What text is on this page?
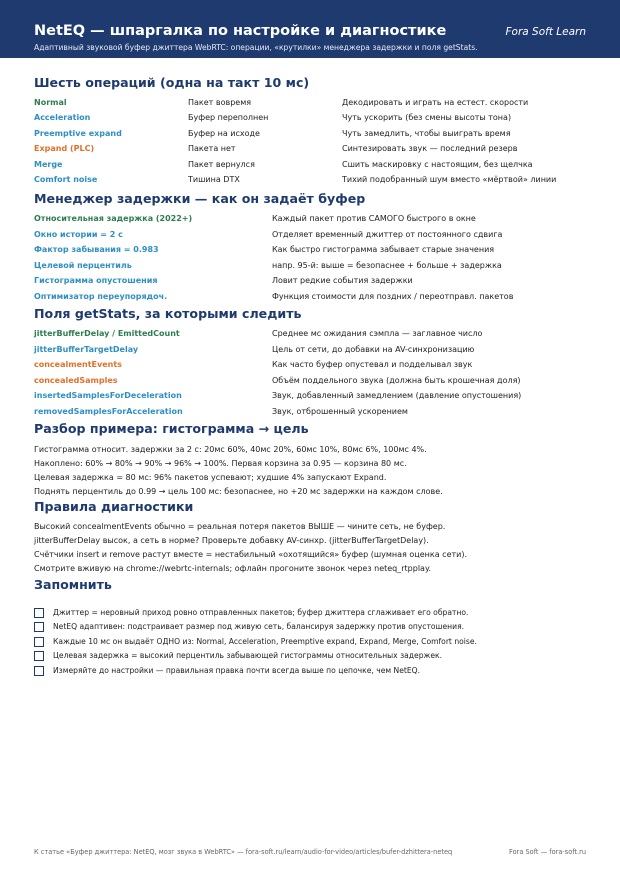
NetEQ — шпаргалка по настройке и диагностике	Fora Soft Learn
Адаптивный звуковой буфер джиттера WebRTC: операции, «крутилки» менеджера задержки и поля getStats.
Шесть операций (одна на такт 10 мс)
Normal	Пакет вовремя	Декодировать и играть на естест. скорости
Acceleration	Буфер переполнен	Чуть ускорить (без смены высоты тона)
Preemptive expand	Буфер на исходе	Чуть замедлить, чтобы выиграть время
Expand (PLC)	Пакета нет	Синтезировать звук — последний резерв
Merge	Пакет вернулся	Сшить маскировку с настоящим, без щелчка
Comfort noise	Тишина DTX	Тихий подобранный шум вместо «мёртвой» линии
Менеджер задержки — как он задаёт буфер
Относительная задержка (2022+)	Каждый пакет против САМОГО быстрого в окне
Окно истории = 2 с	Отделяет временный джиттер от постоянного сдвига
Фактор забывания = 0.983	Как быстро гистограмма забывает старые значения
Целевой перцентиль	напр. 95-й: выше = безопаснее + больше + задержка
Гистограмма опустошения	Ловит редкие события задержки
Оптимизатор переупорядоч.	Функция стоимости для поздних / переотправл. пакетов
Поля getStats, за которыми следить
jitterBufferDelay / EmittedCount	Среднее мс ожидания сэмпла — заглавное число
jitterBufferTargetDelay	Цель от сети, до добавки на AV-синхронизацию
concealmentEvents	Как часто буфер опустевал и подделывал звук
concealedSamples	Объём поддельного звука (должна быть крошечная доля)
insertedSamplesForDeceleration	Звук, добавленный замедлением (давление опустошения)
removedSamplesForAcceleration	Звук, отброшенный ускорением
Разбор примера: гистограмма → цель
Гистограмма относит. задержки за 2 с: 20мс 60%, 40мс 20%, 60мс 10%, 80мс 6%, 100мс 4%.
Накоплено: 60% → 80% → 90% → 96% → 100%. Первая корзина за 0.95 — корзина 80 мс.
Целевая задержка = 80 мс: 96% пакетов успевают; худшие 4% запускают Expand.
Поднять перцентиль до 0.99 → цель 100 мс: безопаснее, но +20 мс задержки на каждом слове.
Правила диагностики
Высокий concealmentEvents обычно = реальная потеря пакетов ВЫШЕ — чините сеть, не буфер.
jitterBufferDelay высок, а сеть в норме? Проверьте добавку AV-синхр. (jitterBufferTargetDelay).
Счётчики insert и remove растут вместе = нестабильный «охотящийся» буфер (шумная оценка сети).
Смотрите вживую на chrome://webrtc-internals; офлайн прогоните звонок через neteq_rtpplay.
Запомнить
Джиттер = неровный приход ровно отправленных пакетов; буфер джиттера сглаживает его обратно.
NetEQ адаптивен: подстраивает размер под живую сеть, балансируя задержку против опустошения.
Каждые 10 мс он выдаёт ОДНО из: Normal, Acceleration, Preemptive expand, Expand, Merge, Comfort noise.
Целевая задержка = высокий перцентиль забывающей гистограммы относительных задержек.
Измеряйте до настройки — правильная правка почти всегда выше по цепочке, чем NetEQ.
К статье «Буфер джиттера: NetEQ, мозг звука в WebRTC» — fora-soft.ru/learn/audio-for-video/articles/bufer-dzhittera-neteq	Fora Soft — fora-soft.ru
